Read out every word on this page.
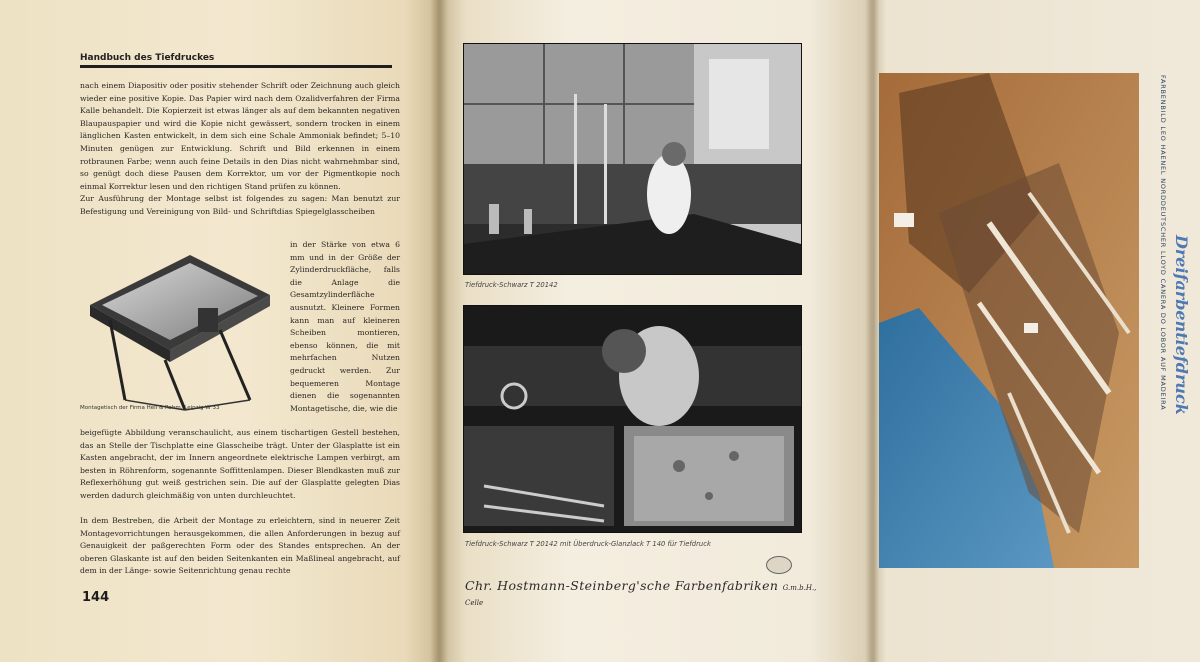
Handbuch des Tiefdruckes

nach einem Diapositiv oder positiv stehender Schrift oder Zeichnung auch gleich wieder eine positive Kopie. Das Papier wird nach dem Ozalidverfahren der Firma Kalle behandelt. Die Kopierzeit ist etwas länger als auf dem bekannten negativen Blaupauspapier und wird die Kopie nicht gewässert, sondern trocken in einem länglichen Kasten entwickelt, in dem sich eine Schale Ammoniak befindet; 5–10 Minuten genügen zur Entwicklung. Schrift und Bild erkennen in einem rotbraunen Farbe; wenn auch feine Details in den Dias nicht wahrnehmbar sind, so genügt doch diese Pausen dem Korrektor, um vor der Pigmentkopie noch einmal Korrektur lesen und den richtigen Stand prüfen zu können.
Zur Ausführung der Montage selbst ist folgendes zu sagen: Man benutzt zur Befestigung und Vereinigung von Bild- und Schriftdias Spiegelglasscheiben

in der Stärke von etwa 6 mm und in der Größe der Zylinderdruckfläche, falls die Anlage die Gesamtzylinderfläche ausnutzt. Kleinere Formen kann man auf kleineren Scheiben montieren, ebenso können, die mit mehrfachen Nutzen gedruckt werden. Zur bequemeren Montage dienen die sogenannten Montagetische, die, wie die

Montagetisch der Firma Hell & Rohm, Leipzig W 33

beigefügte Abbildung veranschaulicht, aus einem tischartigen Gestell bestehen, das an Stelle der Tischplatte eine Glasscheibe trägt. Unter der Glasplatte ist ein Kasten angebracht, der im Innern angeordnete elektrische Lampen verbirgt, am besten in Röhrenform, sogenannte Soffittenlampen. Dieser Blendkasten muß zur Reflexerhöhung gut weiß gestrichen sein. Die auf der Glasplatte gelegten Dias werden dadurch gleichmäßig von unten durchleuchtet.

In dem Bestreben, die Arbeit der Montage zu erleichtern, sind in neuerer Zeit Montagevorrichtungen herausgekommen, die allen Anforderungen in bezug auf Genauigkeit der paßgerechten Form oder des Standes entsprechen. An der oberen Glaskante ist auf den beiden Seitenkanten ein Maßlineal angebracht, auf dem in der Länge- sowie Seitenrichtung genau rechte

144
Tiefdruck-Schwarz T 20142
Tiefdruck-Schwarz T 20142 mit Überdruck-Glanzlack T 140 für Tiefdruck
Chr. Hostmann-Steinberg'sche Farbenfabriken G.m.b.H., Celle
FARBENBILD LEO HAENEL NORDDEUTSCHER LLOYD CANERA DO LOBOR AUF MADEIRA Dreifarbentiefdruck
